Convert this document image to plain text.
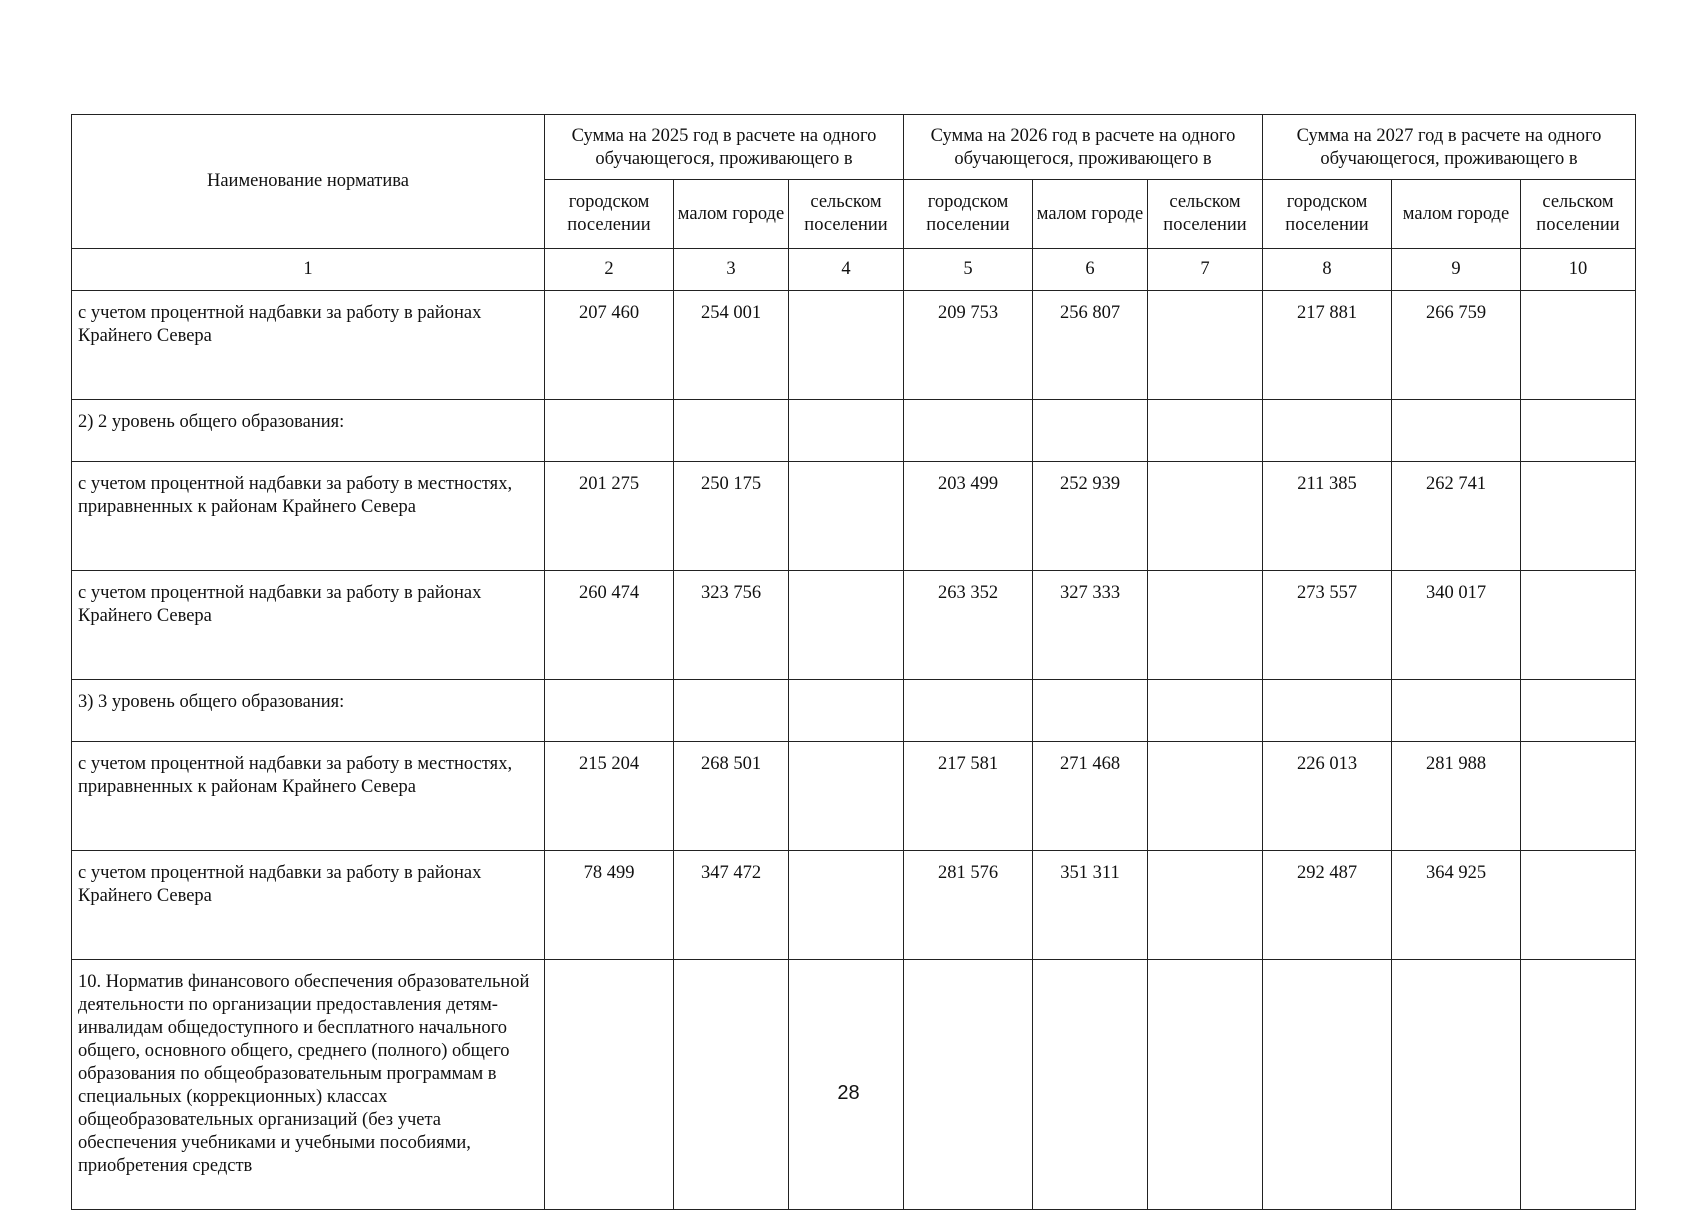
Наименование норматива	Сумма на 2025 год в расчете на одного обучающегося, проживающего в			Сумма на 2026 год в расчете на одного обучающегося, проживающего в			Сумма на 2027 год в расчете на одного обучающегося, проживающего в		
	городском поселении	малом городе	сельском поселении	городском поселении	малом городе	сельском поселении	городском поселении	малом городе	сельском поселении
1	2	3	4	5	6	7	8	9	10
с учетом процентной надбавки за работу в районах Крайнего Севера	207 460	254 001		209 753	256 807		217 881	266 759	
2) 2 уровень общего образования:									
с учетом процентной надбавки за работу в местностях, приравненных к районам Крайнего Севера	201 275	250 175		203 499	252 939		211 385	262 741	
с учетом процентной надбавки за работу в районах Крайнего Севера	260 474	323 756		263 352	327 333		273 557	340 017	
3) 3 уровень общего образования:									
с учетом процентной надбавки за работу в местностях, приравненных к районам Крайнего Севера	215 204	268 501		217 581	271 468		226 013	281 988	
с учетом процентной надбавки за работу в районах Крайнего Севера	78 499	347 472		281 576	351 311		292 487	364 925	
10. Норматив финансового обеспечения образовательной деятельности по организации предоставления детям-инвалидам общедоступного и бесплатного начального общего, основного общего, среднего (полного) общего образования по общеобразовательным программам в специальных (коррекционных) классах общеобразовательных организаций (без учета обеспечения учебниками и учебными пособиями, приобретения средств									
28
